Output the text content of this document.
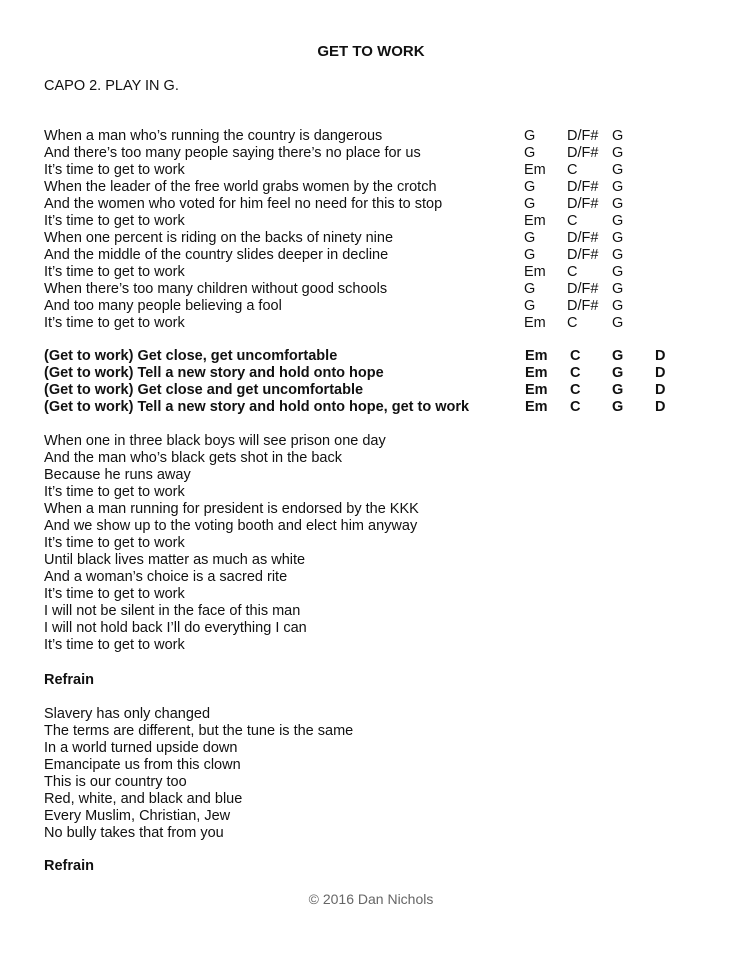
GET TO WORK
CAPO 2. PLAY IN G.
When a man who’s running the country is dangerous	G D/F# G
And there’s too many people saying there’s no place for us	G D/F# G
It’s time to get to work	Em C G
When the leader of the free world grabs women by the crotch	G D/F# G
And the women who voted for him feel no need for this to stop	G D/F# G
It’s time to get to work	Em C G
When one percent is riding on the backs of ninety nine	G D/F# G
And the middle of the country slides deeper in decline	G D/F# G
It’s time to get to work	Em C G
When there’s too many children without good schools	G D/F# G
And too many people believing a fool	G D/F# G
It’s time to get to work	Em C G
(Get to work) Get close, get uncomfortable	Em C G D
(Get to work) Tell a new story and hold onto hope	Em C G D
(Get to work) Get close and get uncomfortable	Em C G D
(Get to work) Tell a new story and hold onto hope, get to work	Em C G D
When one in three black boys will see prison one day
And the man who’s black gets shot in the back
Because he runs away
It’s time to get to work
When a man running for president is endorsed by the KKK
And we show up to the voting booth and elect him anyway
It’s time to get to work
Until black lives matter as much as white
And a woman’s choice is a sacred rite
It’s time to get to work
I will not be silent in the face of this man
I will not hold back I’ll do everything I can
It’s time to get to work
Refrain
Slavery has only changed
The terms are different, but the tune is the same
In a world turned upside down
Emancipate us from this clown
This is our country too
Red, white, and black and blue
Every Muslim, Christian, Jew
No bully takes that from you
Refrain
© 2016 Dan Nichols
